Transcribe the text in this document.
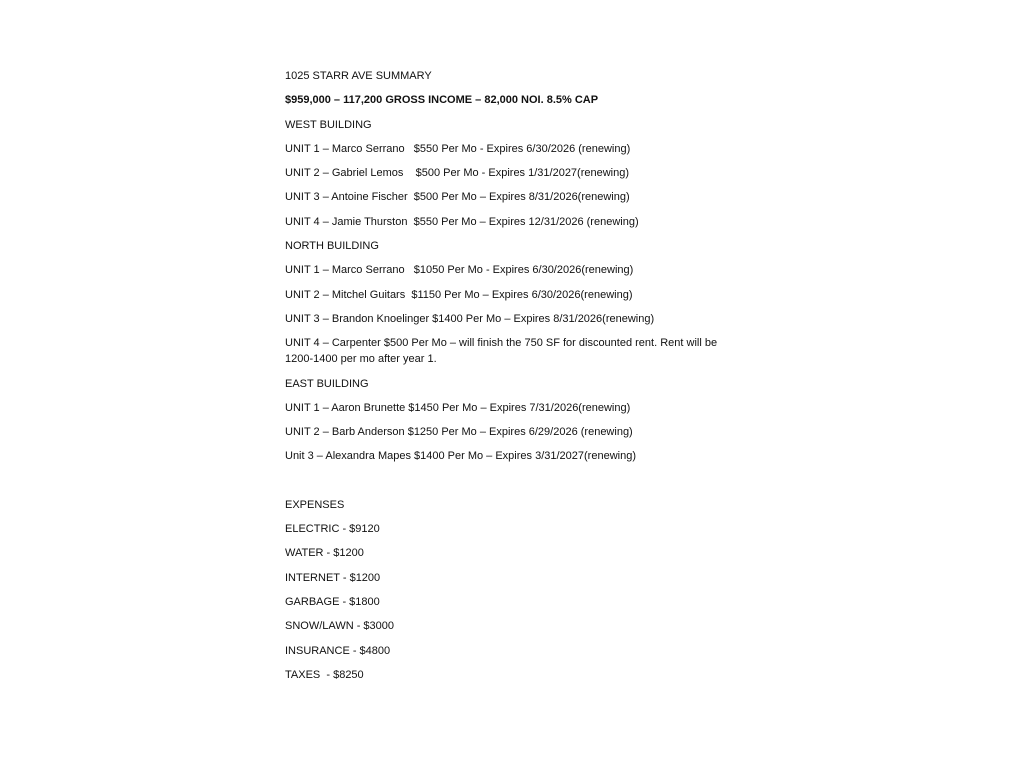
1025 STARR AVE SUMMARY
$959,000 – 117,200 GROSS INCOME – 82,000 NOI. 8.5% CAP
WEST BUILDING
UNIT 1 – Marco Serrano   $550 Per Mo - Expires 6/30/2026 (renewing)
UNIT 2 – Gabriel Lemos    $500 Per Mo - Expires 1/31/2027(renewing)
UNIT 3 – Antoine Fischer  $500 Per Mo – Expires 8/31/2026(renewing)
UNIT 4 – Jamie Thurston  $550 Per Mo – Expires 12/31/2026 (renewing)
NORTH BUILDING
UNIT 1 – Marco Serrano   $1050 Per Mo - Expires 6/30/2026(renewing)
UNIT 2 – Mitchel Guitars  $1150 Per Mo – Expires 6/30/2026(renewing)
UNIT 3 – Brandon Knoelinger $1400 Per Mo – Expires 8/31/2026(renewing)
UNIT 4 – Carpenter $500 Per Mo – will finish the 750 SF for discounted rent. Rent will be 1200-1400 per mo after year 1.
EAST BUILDING
UNIT 1 – Aaron Brunette $1450 Per Mo – Expires 7/31/2026(renewing)
UNIT 2 – Barb Anderson $1250 Per Mo – Expires 6/29/2026 (renewing)
Unit 3 – Alexandra Mapes $1400 Per Mo – Expires 3/31/2027(renewing)
EXPENSES
ELECTRIC - $9120
WATER - $1200
INTERNET - $1200
GARBAGE - $1800
SNOW/LAWN - $3000
INSURANCE - $4800
TAXES  - $8250
